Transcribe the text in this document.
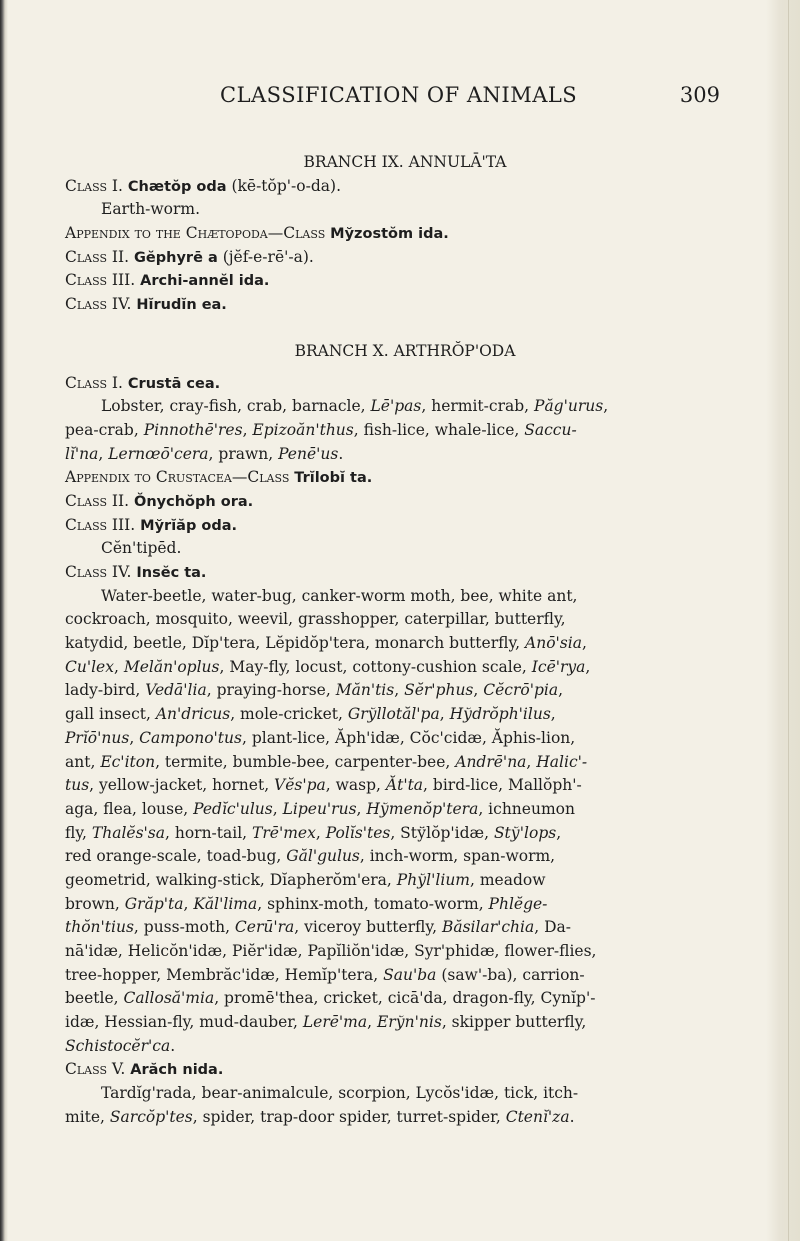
CLASSIFICATION OF ANIMALS	309
BRANCH IX. ANNULĀ'TA
Class I. Chætŏp oda (kē-tŏp'-o-da).
Earth-worm.
Appendix to the Chætopoda—Class Mўzostŏm ida.
Class II. Gĕphyrē a (jĕf-e-rē'-a).
Class III. Archi-annĕl ida.
Class IV. Hĭrudĭn ea.
BRANCH X. ARTHRŎP'ODA
Class I. Crustā cea.
Lobster, cray-fish, crab, barnacle, Lē'pas, hermit-crab, Păg'urus,
pea-crab, Pinnothē'res, Epizoăn'thus, fish-lice, whale-lice, Saccu-
lĭ'na, Lernœō'cera, prawn, Penē'us.
Appendix to Crustacea—Class Trĭlobĭ ta.
Class II. Ŏnychŏph ora.
Class III. Mўrĭăp oda.
Cĕn'tipēd.
Class IV. Insĕc ta.
Water-beetle, water-bug, canker-worm moth, bee, white ant,
cockroach, mosquito, weevil, grasshopper, caterpillar, butterfly,
katydid, beetle, Dĭp'tera, Lĕpidŏp'tera, monarch butterfly, Anō'sia,
Cu'lex, Melăn'oplus, May-fly, locust, cottony-cushion scale, Icē'rya,
lady-bird, Vedā'lia, praying-horse, Măn'tis, Sĕr'phus, Cĕcrō'pia,
gall insect, An'dricus, mole-cricket, Grўllotăl'pa, Hўdrŏph'ilus,
Prĭō'nus, Campono'tus, plant-lice, Ăph'idæ, Cŏc'cidæ, Ăphis-lion,
ant, Ec'iton, termite, bumble-bee, carpenter-bee, Andrē'na, Halic'-
tus, yellow-jacket, hornet, Vĕs'pa, wasp, Ăt'ta, bird-lice, Mallŏph'-
aga, flea, louse, Pedĭc'ulus, Lipeu'rus, Hўmenŏp'tera, ichneumon
fly, Thalĕs'sa, horn-tail, Trē'mex, Polĭs'tes, Stўlŏp'idæ, Stў'lops,
red orange-scale, toad-bug, Găl'gulus, inch-worm, span-worm,
geometrid, walking-stick, Dĭapherŏm'era, Phўl'lium, meadow
brown, Grăp'ta, Kăl'lima, sphinx-moth, tomato-worm, Phlĕge-
thŏn'tius, puss-moth, Cerū'ra, viceroy butterfly, Băsilar'chia, Da-
nā'idæ, Helicŏn'idæ, Piĕr'idæ, Papĭliŏn'idæ, Syr'phidæ, flower-flies,
tree-hopper, Membrăc'idæ, Hemĭp'tera, Sau'ba (saw'-ba), carrion-
beetle, Callosă'mia, promē'thea, cricket, cicā'da, dragon-fly, Cynĭp'-
idæ, Hessian-fly, mud-dauber, Lerē'ma, Erўn'nis, skipper butterfly,
Schistocĕr'ca.
Class V. Arăch nida.
Tardĭg'rada, bear-animalcule, scorpion, Lycŏs'idæ, tick, itch-
mite, Sarcŏp'tes, spider, trap-door spider, turret-spider, Ctenĭ'za.
